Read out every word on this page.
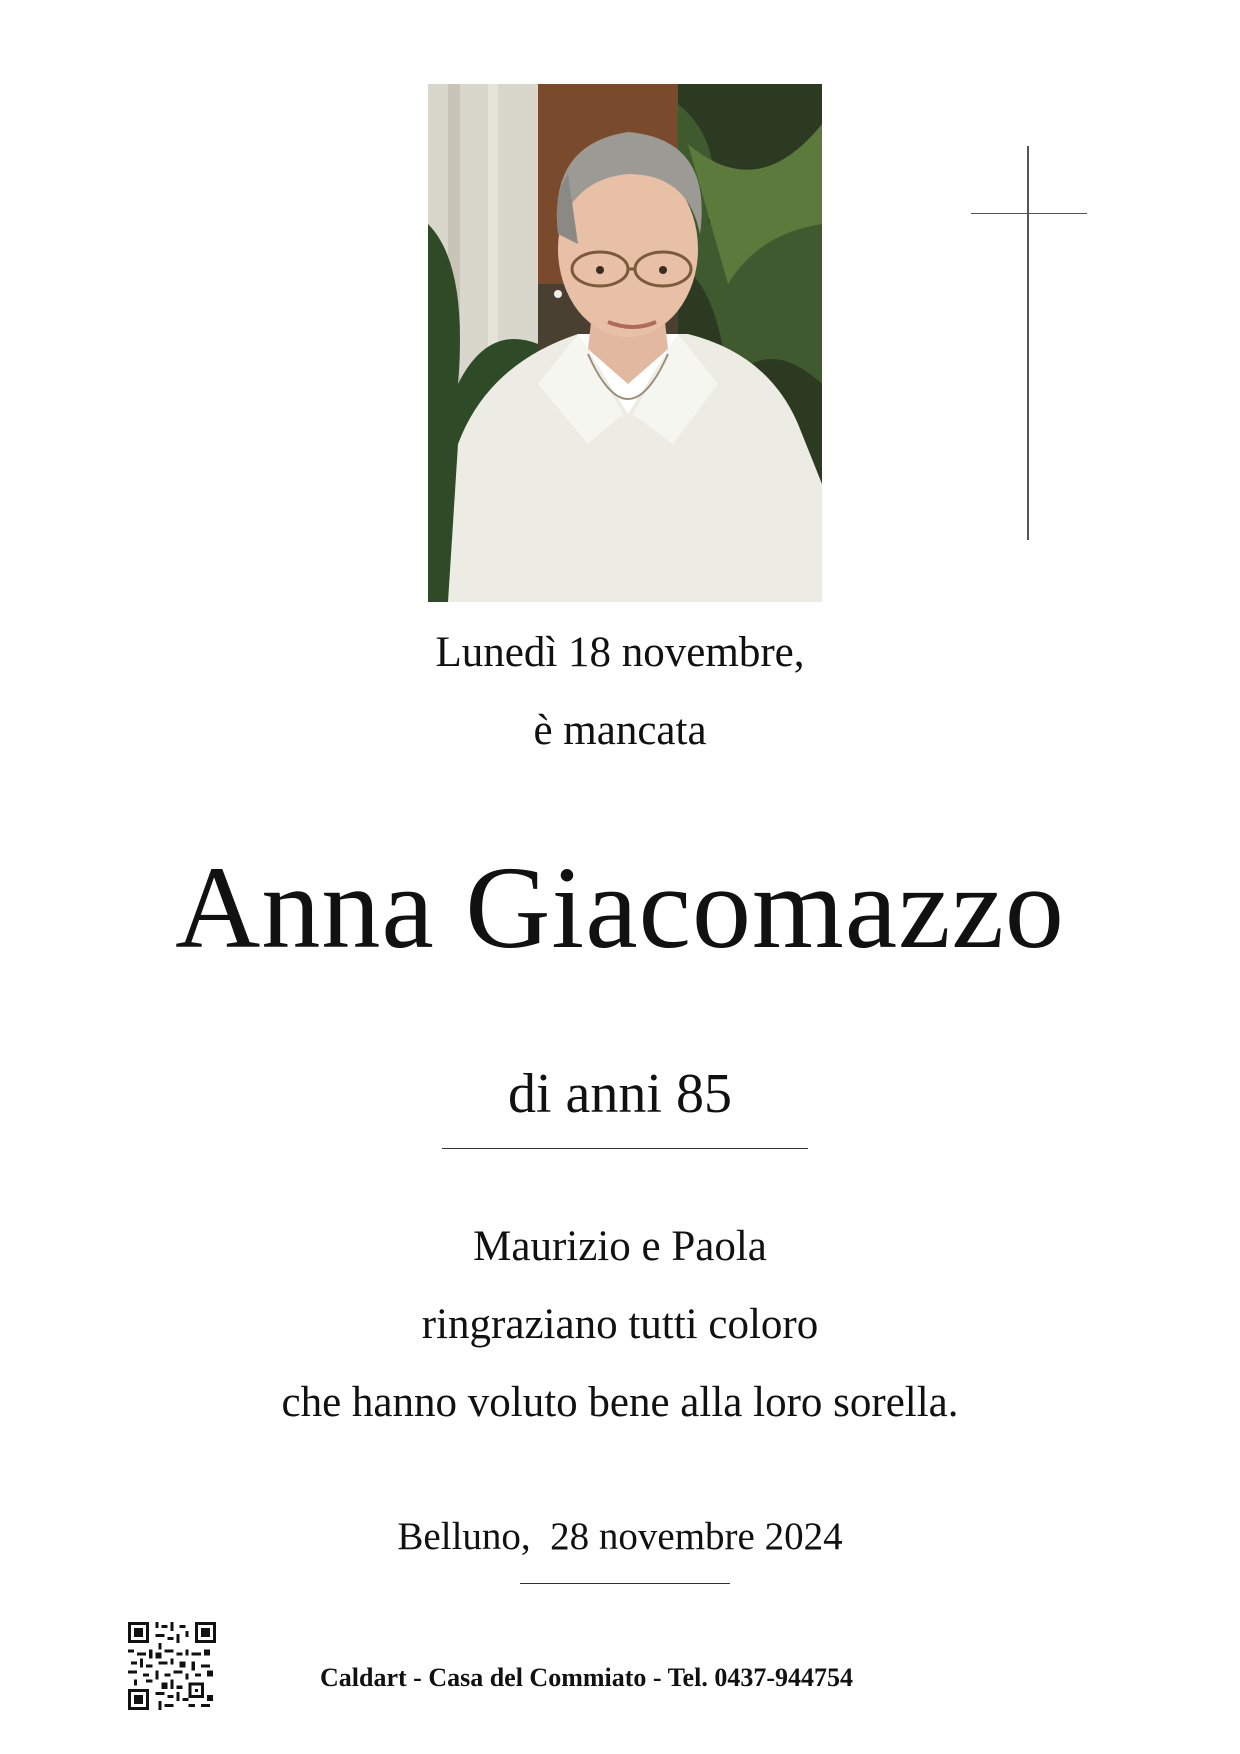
Lunedì 18 novembre,
è mancata
Anna Giacomazzo
di anni 85
Maurizio e Paola
ringraziano tutti coloro
che hanno voluto bene alla loro sorella.
Belluno,  28 novembre 2024
Caldart - Casa del Commiato - Tel. 0437-944754
